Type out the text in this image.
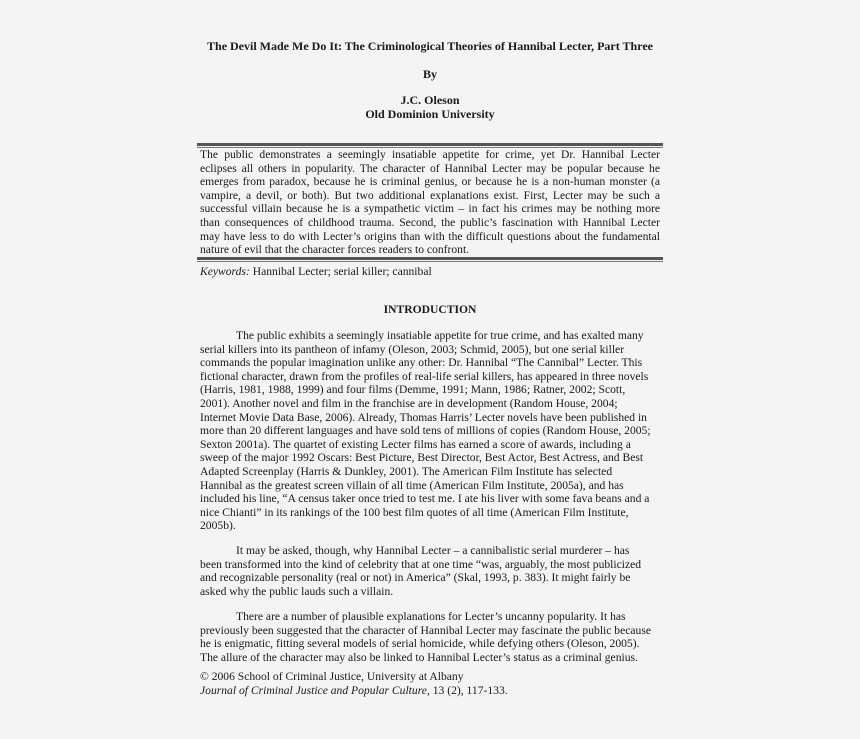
The Devil Made Me Do It: The Criminological Theories of Hannibal Lecter, Part Three
By
J.C. Oleson
Old Dominion University
The public demonstrates a seemingly insatiable appetite for crime, yet Dr. Hannibal Lecter
eclipses all others in popularity. The character of Hannibal Lecter may be popular because he
emerges from paradox, because he is criminal genius, or because he is a non-human monster (a
vampire, a devil, or both). But two additional explanations exist. First, Lecter may be such a
successful villain because he is a sympathetic victim – in fact his crimes may be nothing more
than consequences of childhood trauma. Second, the public’s fascination with Hannibal Lecter
may have less to do with Lecter’s origins than with the difficult questions about the fundamental
nature of evil that the character forces readers to confront.
Keywords: Hannibal Lecter; serial killer; cannibal
INTRODUCTION
The public exhibits a seemingly insatiable appetite for true crime, and has exalted many
serial killers into its pantheon of infamy (Oleson, 2003; Schmid, 2005), but one serial killer
commands the popular imagination unlike any other: Dr. Hannibal “The Cannibal” Lecter. This
fictional character, drawn from the profiles of real-life serial killers, has appeared in three novels
(Harris, 1981, 1988, 1999) and four films (Demme, 1991; Mann, 1986; Ratner, 2002; Scott,
2001). Another novel and film in the franchise are in development (Random House, 2004;
Internet Movie Data Base, 2006). Already, Thomas Harris’ Lecter novels have been published in
more than 20 different languages and have sold tens of millions of copies (Random House, 2005;
Sexton 2001a). The quartet of existing Lecter films has earned a score of awards, including a
sweep of the major 1992 Oscars: Best Picture, Best Director, Best Actor, Best Actress, and Best
Adapted Screenplay (Harris & Dunkley, 2001). The American Film Institute has selected
Hannibal as the greatest screen villain of all time (American Film Institute, 2005a), and has
included his line, “A census taker once tried to test me. I ate his liver with some fava beans and a
nice Chianti” in its rankings of the 100 best film quotes of all time (American Film Institute,
2005b).
It may be asked, though, why Hannibal Lecter – a cannibalistic serial murderer – has
been transformed into the kind of celebrity that at one time “was, arguably, the most publicized
and recognizable personality (real or not) in America” (Skal, 1993, p. 383). It might fairly be
asked why the public lauds such a villain.
There are a number of plausible explanations for Lecter’s uncanny popularity. It has
previously been suggested that the character of Hannibal Lecter may fascinate the public because
he is enigmatic, fitting several models of serial homicide, while defying others (Oleson, 2005).
The allure of the character may also be linked to Hannibal Lecter’s status as a criminal genius.
© 2006 School of Criminal Justice, University at Albany
Journal of Criminal Justice and Popular Culture, 13 (2), 117-133.
